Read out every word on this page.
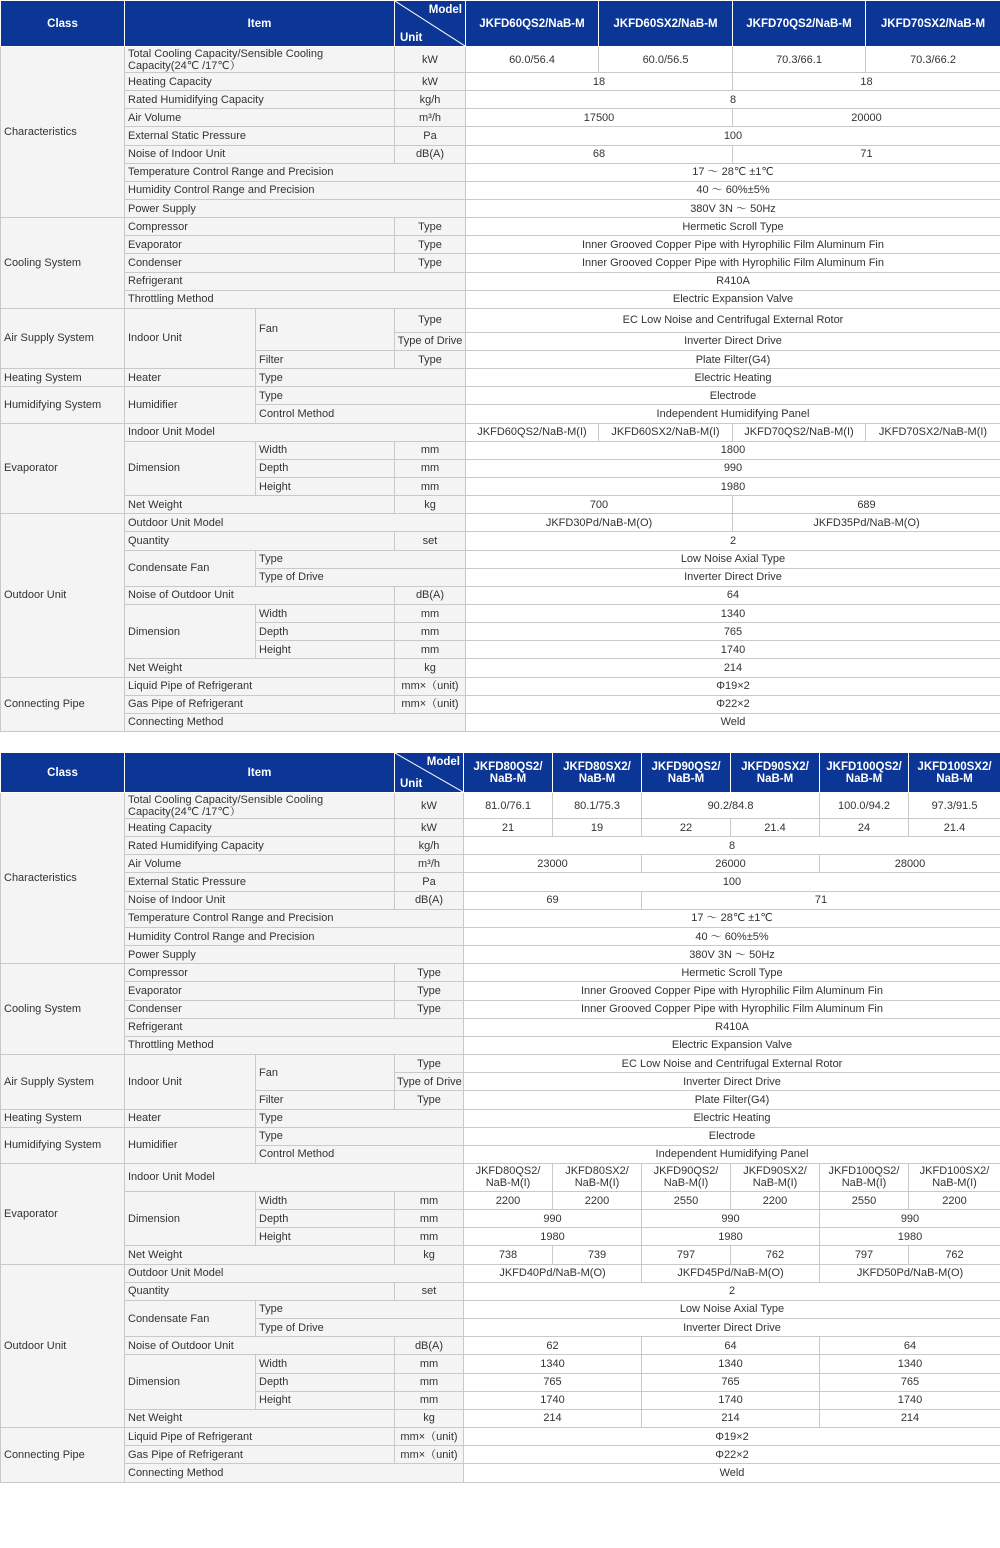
Class	Item		Model
Unit	JKFD60QS2/NaB-M	JKFD60SX2/NaB-M	JKFD70QS2/NaB-M	JKFD70SX2/NaB-M
Characteristics	Total Cooling Capacity/Sensible Cooling Capacity(24℃ /17℃）		kW	60.0/56.4	60.0/56.5	70.3/66.1	70.3/66.2
	Heating Capacity		kW	18		18	
	Rated Humidifying Capacity		kg/h	8			
	Air Volume		m³/h	17500		20000	
	External Static Pressure		Pa	100			
	Noise of Indoor Unit		dB(A)	68		71	
	Temperature Control Range and Precision			17 ～ 28℃ ±1℃			
	Humidity Control Range and Precision			40 ～ 60%±5%			
	Power Supply			380V 3N ～ 50Hz			
Cooling System	Compressor		Type	Hermetic Scroll Type			
	Evaporator		Type	Inner Grooved Copper Pipe with Hyrophilic Film Aluminum Fin			
	Condenser		Type	Inner Grooved Copper Pipe with Hyrophilic Film Aluminum Fin			
	Refrigerant			R410A			
	Throttling Method			Electric Expansion Valve			
Air Supply System	Indoor Unit	Fan	Type	EC Low Noise and Centrifugal External Rotor			
			Type of Drive	Inverter Direct Drive			
		Filter	Type	Plate Filter(G4)			
Heating System	Heater	Type		Electric Heating			
Humidifying System	Humidifier	Type		Electrode			
		Control Method		Independent Humidifying Panel			
Evaporator	Indoor Unit Model			JKFD60QS2/NaB-M(I)	JKFD60SX2/NaB-M(I)	JKFD70QS2/NaB-M(I)	JKFD70SX2/NaB-M(I)
	Dimension	Width	mm	1800			
		Depth	mm	990			
		Height	mm	1980			
	Net Weight		kg	700		689	
Outdoor Unit	Outdoor Unit Model			JKFD30Pd/NaB-M(O)		JKFD35Pd/NaB-M(O)	
	Quantity		set	2			
	Condensate Fan	Type		Low Noise Axial Type			
		Type of Drive		Inverter Direct Drive			
	Noise of Outdoor Unit		dB(A)	64			
	Dimension	Width	mm	1340			
		Depth	mm	765			
		Height	mm	1740			
	Net Weight		kg	214			
Connecting Pipe	Liquid Pipe of Refrigerant		mm×（unit)	Φ19×2			
	Gas Pipe of Refrigerant		mm×（unit)	Φ22×2			
	Connecting Method			Weld			
Class	Item		Model
Unit	JKFD80QS2/ NaB-M	JKFD80SX2/ NaB-M	JKFD90QS2/ NaB-M	JKFD90SX2/ NaB-M	JKFD100QS2/ NaB-M	JKFD100SX2/ NaB-M
Characteristics	Total Cooling Capacity/Sensible Cooling Capacity(24℃ /17℃）		kW	81.0/76.1	80.1/75.3	90.2/84.8		100.0/94.2	97.3/91.5
	Heating Capacity		kW	21	19	22	21.4	24	21.4
	Rated Humidifying Capacity		kg/h	8					
	Air Volume		m³/h	23000		26000		28000	
	External Static Pressure		Pa	100					
	Noise of Indoor Unit		dB(A)	69		71			
	Temperature Control Range and Precision			17 ～ 28℃ ±1℃					
	Humidity Control Range and Precision			40 ～ 60%±5%					
	Power Supply			380V 3N ～ 50Hz					
Cooling System	Compressor		Type	Hermetic Scroll Type					
	Evaporator		Type	Inner Grooved Copper Pipe with Hyrophilic Film Aluminum Fin					
	Condenser		Type	Inner Grooved Copper Pipe with Hyrophilic Film Aluminum Fin					
	Refrigerant			R410A					
	Throttling Method			Electric Expansion Valve					
Air Supply System	Indoor Unit	Fan	Type	EC Low Noise and Centrifugal External Rotor					
			Type of Drive	Inverter Direct Drive					
		Filter	Type	Plate Filter(G4)					
Heating System	Heater	Type		Electric Heating					
Humidifying System	Humidifier	Type		Electrode					
		Control Method		Independent Humidifying Panel					
Evaporator	Indoor Unit Model			JKFD80QS2/ NaB-M(I)	JKFD80SX2/ NaB-M(I)	JKFD90QS2/ NaB-M(I)	JKFD90SX2/ NaB-M(I)	JKFD100QS2/ NaB-M(I)	JKFD100SX2/ NaB-M(I)
	Dimension	Width	mm	2200	2200	2550	2200	2550	2200
		Depth	mm	990		990		990	
		Height	mm	1980		1980		1980	
	Net Weight		kg	738	739	797	762	797	762
Outdoor Unit	Outdoor Unit Model			JKFD40Pd/NaB-M(O)		JKFD45Pd/NaB-M(O)		JKFD50Pd/NaB-M(O)	
	Quantity		set	2					
	Condensate Fan	Type		Low Noise Axial Type					
		Type of Drive		Inverter Direct Drive					
	Noise of Outdoor Unit		dB(A)	62		64		64	
	Dimension	Width	mm	1340		1340		1340	
		Depth	mm	765		765		765	
		Height	mm	1740		1740		1740	
	Net Weight		kg	214		214		214	
Connecting Pipe	Liquid Pipe of Refrigerant		mm×（unit)	Φ19×2					
	Gas Pipe of Refrigerant		mm×（unit)	Φ22×2					
	Connecting Method			Weld					
